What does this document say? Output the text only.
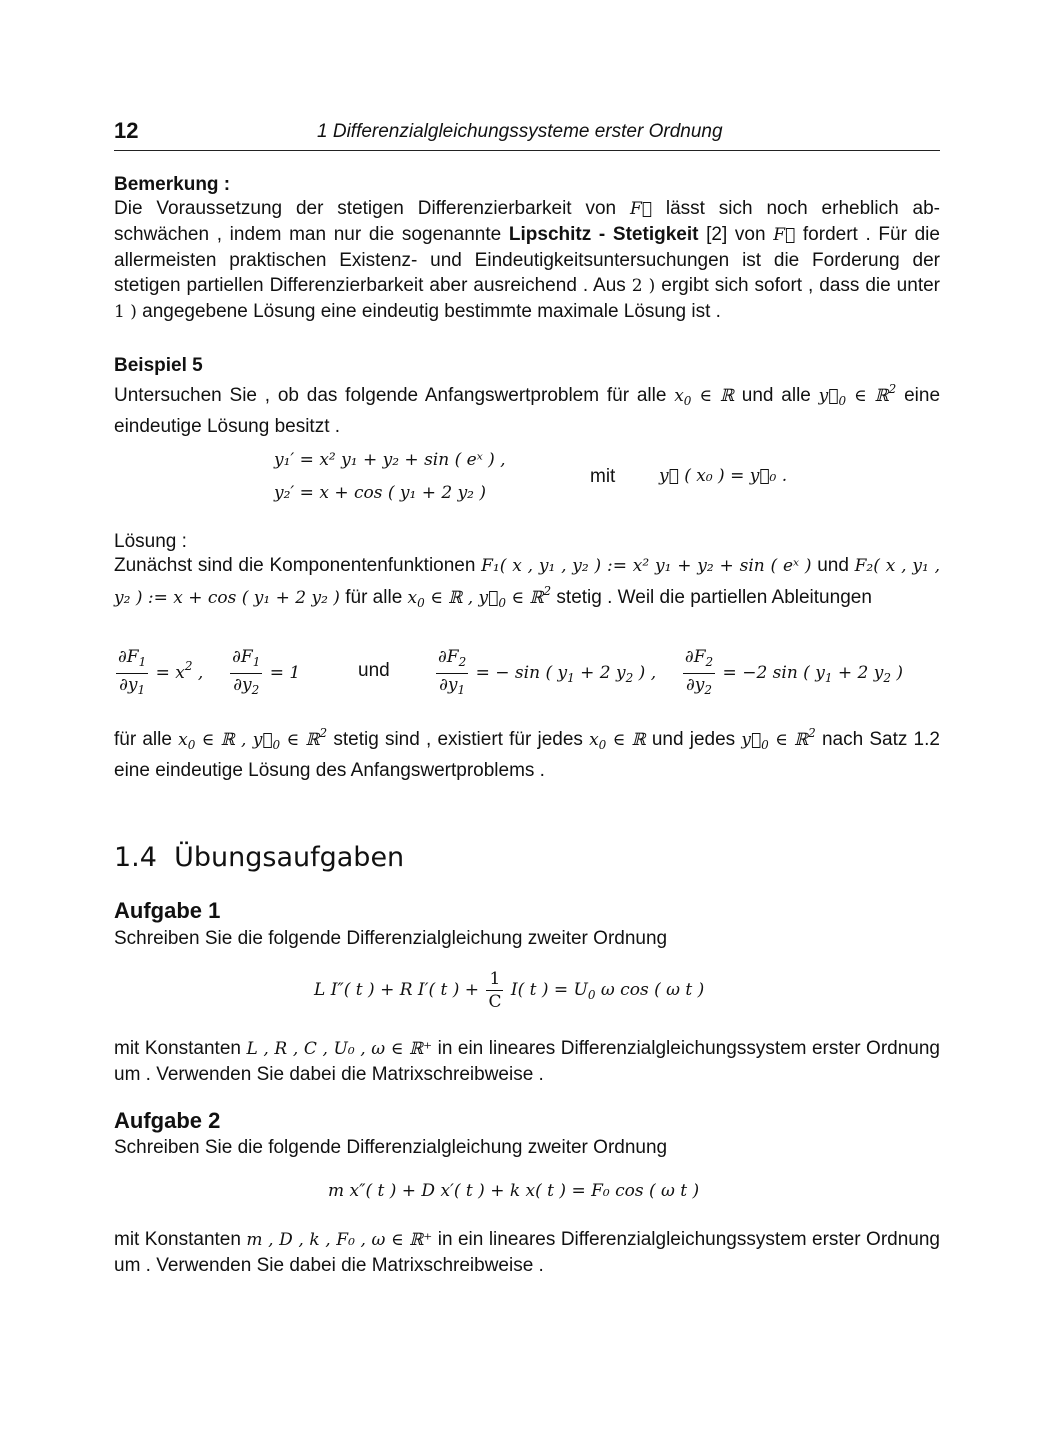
12	1 Differenzialgleichungssysteme erster Ordnung
Bemerkung :
Die Voraussetzung der stetigen Differenzierbarkeit von F⃗ lässt sich noch erheblich ab- schwächen , indem man nur die sogenannte Lipschitz - Stetigkeit [2] von F⃗ fordert . Für die allermeisten praktischen Existenz- und Eindeutigkeitsuntersuchungen ist die Forderung der stetigen partiellen Differenzierbarkeit aber ausreichend . Aus 2 ) ergibt sich sofort , dass die unter 1 ) angegebene Lösung eine eindeutig bestimmte maximale Lösung ist .
Beispiel 5
Untersuchen Sie , ob das folgende Anfangswertproblem für alle $x_0$ ∈ ℝ und alle $y⃗_0$ ∈ ℝ$^2$ eine eindeutige Lösung besitzt .
y₁′ = x² y₁ + y₂ + sin ( eˣ ) ,
y₂′ = x + cos ( y₁ + 2 y₂ )
mit	y⃗ ( x₀ ) = y⃗₀ .
Lösung :
Zunächst sind die Komponentenfunktionen F₁( x , y₁ , y₂ ) := x² y₁ + y₂ + sin ( eˣ ) und F₂( x , y₁ , y₂ ) := x + cos ( y₁ + 2 y₂ ) für alle $x_0$ ∈ ℝ , $y⃗_0$ ∈ ℝ$^2$ stetig . Weil die partiellen Ableitungen
$\frac{\partial F_1}{\partial y_1} = x^2$ , $\frac{\partial F_1}{\partial y_2} = 1$	und	$\frac{\partial F_2}{\partial y_1}$ = − sin ( $y_1 + 2$ $y_2$ ) , $\frac{\partial F_2}{\partial y_2} = -2$ sin ( $y_1 + 2$ $y_2$ )
für alle $x_0$ ∈ ℝ , $y⃗_0$ ∈ ℝ$^2$ stetig sind , existiert für jedes $x_0$ ∈ ℝ und jedes $y⃗_0$ ∈ ℝ$^2$ nach Satz 1.2 eine eindeutige Lösung des Anfangswertproblems .
1.4 Übungsaufgaben
Aufgabe 1
Schreiben Sie die folgende Differenzialgleichung zweiter Ordnung
L I″( t ) + R I′( t ) + $\frac{1}{C} I$( t ) = $U_0$ ω cos ( ω t )
mit Konstanten L , R , C , U₀ , ω ∈ ℝ⁺ in ein lineares Differenzialgleichungssystem erster Ordnung um . Verwenden Sie dabei die Matrixschreibweise .
Aufgabe 2
Schreiben Sie die folgende Differenzialgleichung zweiter Ordnung
m x″( t ) + D x′( t ) + k x( t ) = F₀ cos ( ω t )
mit Konstanten m , D , k , F₀ , ω ∈ ℝ⁺ in ein lineares Differenzialgleichungssystem erster Ordnung um . Verwenden Sie dabei die Matrixschreibweise .
